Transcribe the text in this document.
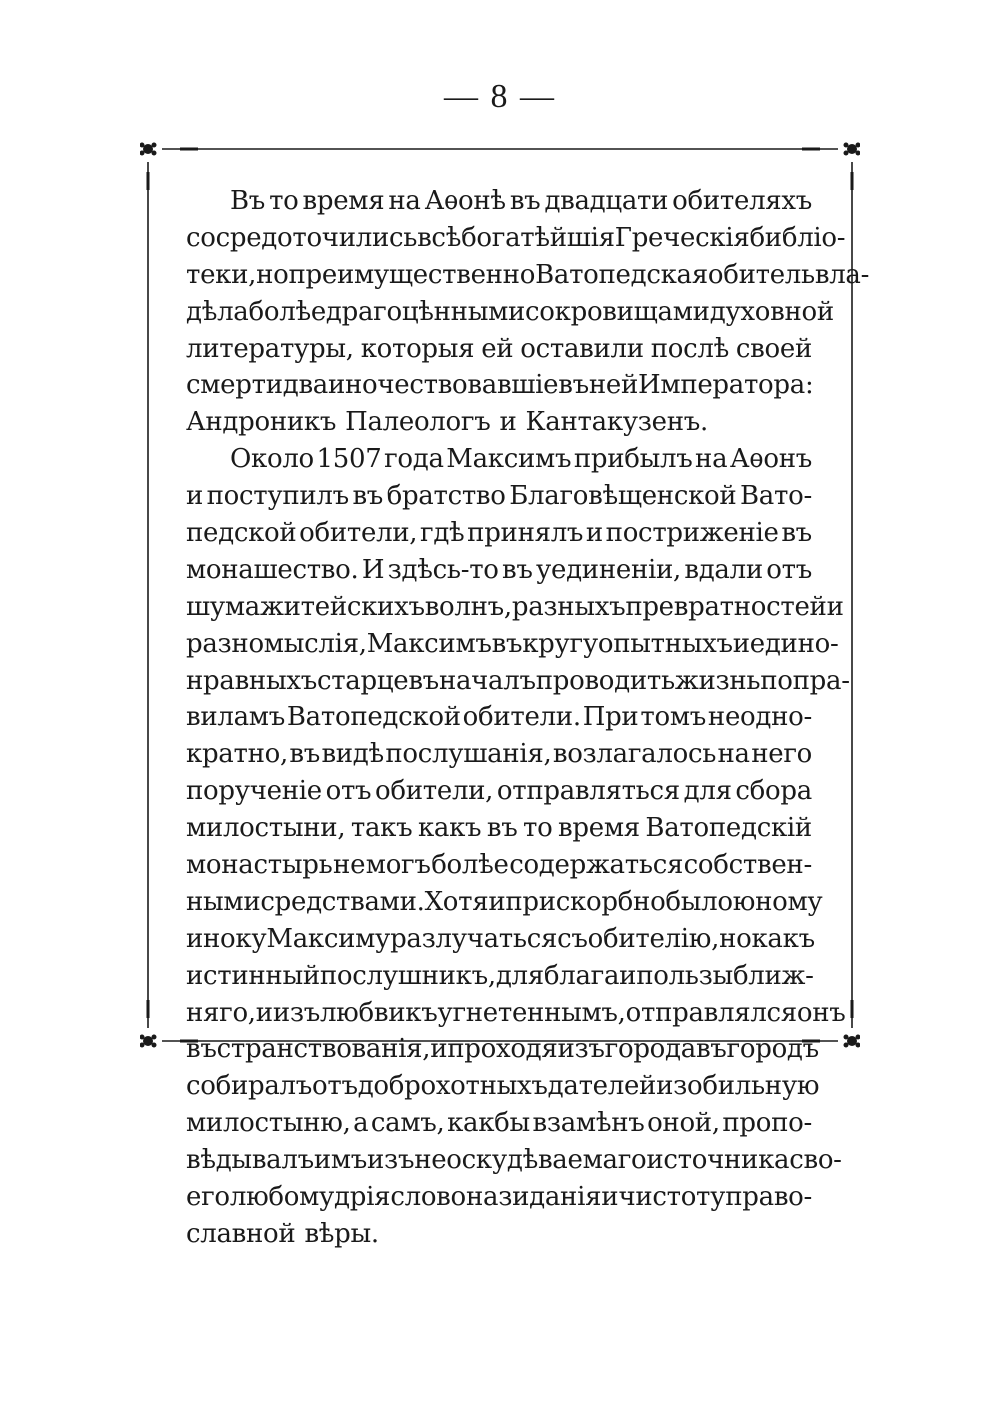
— 8 —
Въ то время на Аѳонѣ въ двадцати обителяхъ
сосредоточились всѣ богатѣйшія Греческія библіо-
теки, но преимущественно Ватопедская обитель вла-
дѣла болѣе драгоцѣнными сокровищами духовной
литературы, которыя ей оставили послѣ своей
смерти два иночествовавшіе въ ней Императора:
Андроникъ Палеологъ и Кантакузенъ.
Около 1507 года Максимъ прибылъ на Аѳонъ
и поступилъ въ братство Благовѣщенской Вато-
педской обители, гдѣ принялъ и постриженіе въ
монашество. И здѣсь-то въ уединеніи, вдали отъ
шума житейскихъ волнъ, разныхъ превратностей и
разномыслія, Максимъ въ кругу опытныхъ и едино-
нравныхъ старцевъ началъ проводить жизнь по пра-
виламъ Ватопедской обители. При томъ неодно-
кратно, въ видѣ послушанія, возлагалось на него
порученіе отъ обители, отправляться для сбора
милостыни, такъ какъ въ то время Ватопедскій
монастырь не могъ болѣе содержаться собствен-
ными средствами. Хотя и прискорбно было юному
иноку Максиму разлучаться съ обителію, но какъ
истинный послушникъ, для блага и пользы ближ-
няго, и изъ любви къ угнетеннымъ, отправлялся онъ
въ странствованія, и проходя изъ города въ городъ
собиралъ отъ доброхотныхъ дателей изобильную
милостыню, а самъ, какбы взамѣнъ оной, пропо-
вѣдывалъ имъ изъ неоскудѣваемаго источника сво-
его любомудрія слово назиданія и чистоту право-
славной вѣры.
